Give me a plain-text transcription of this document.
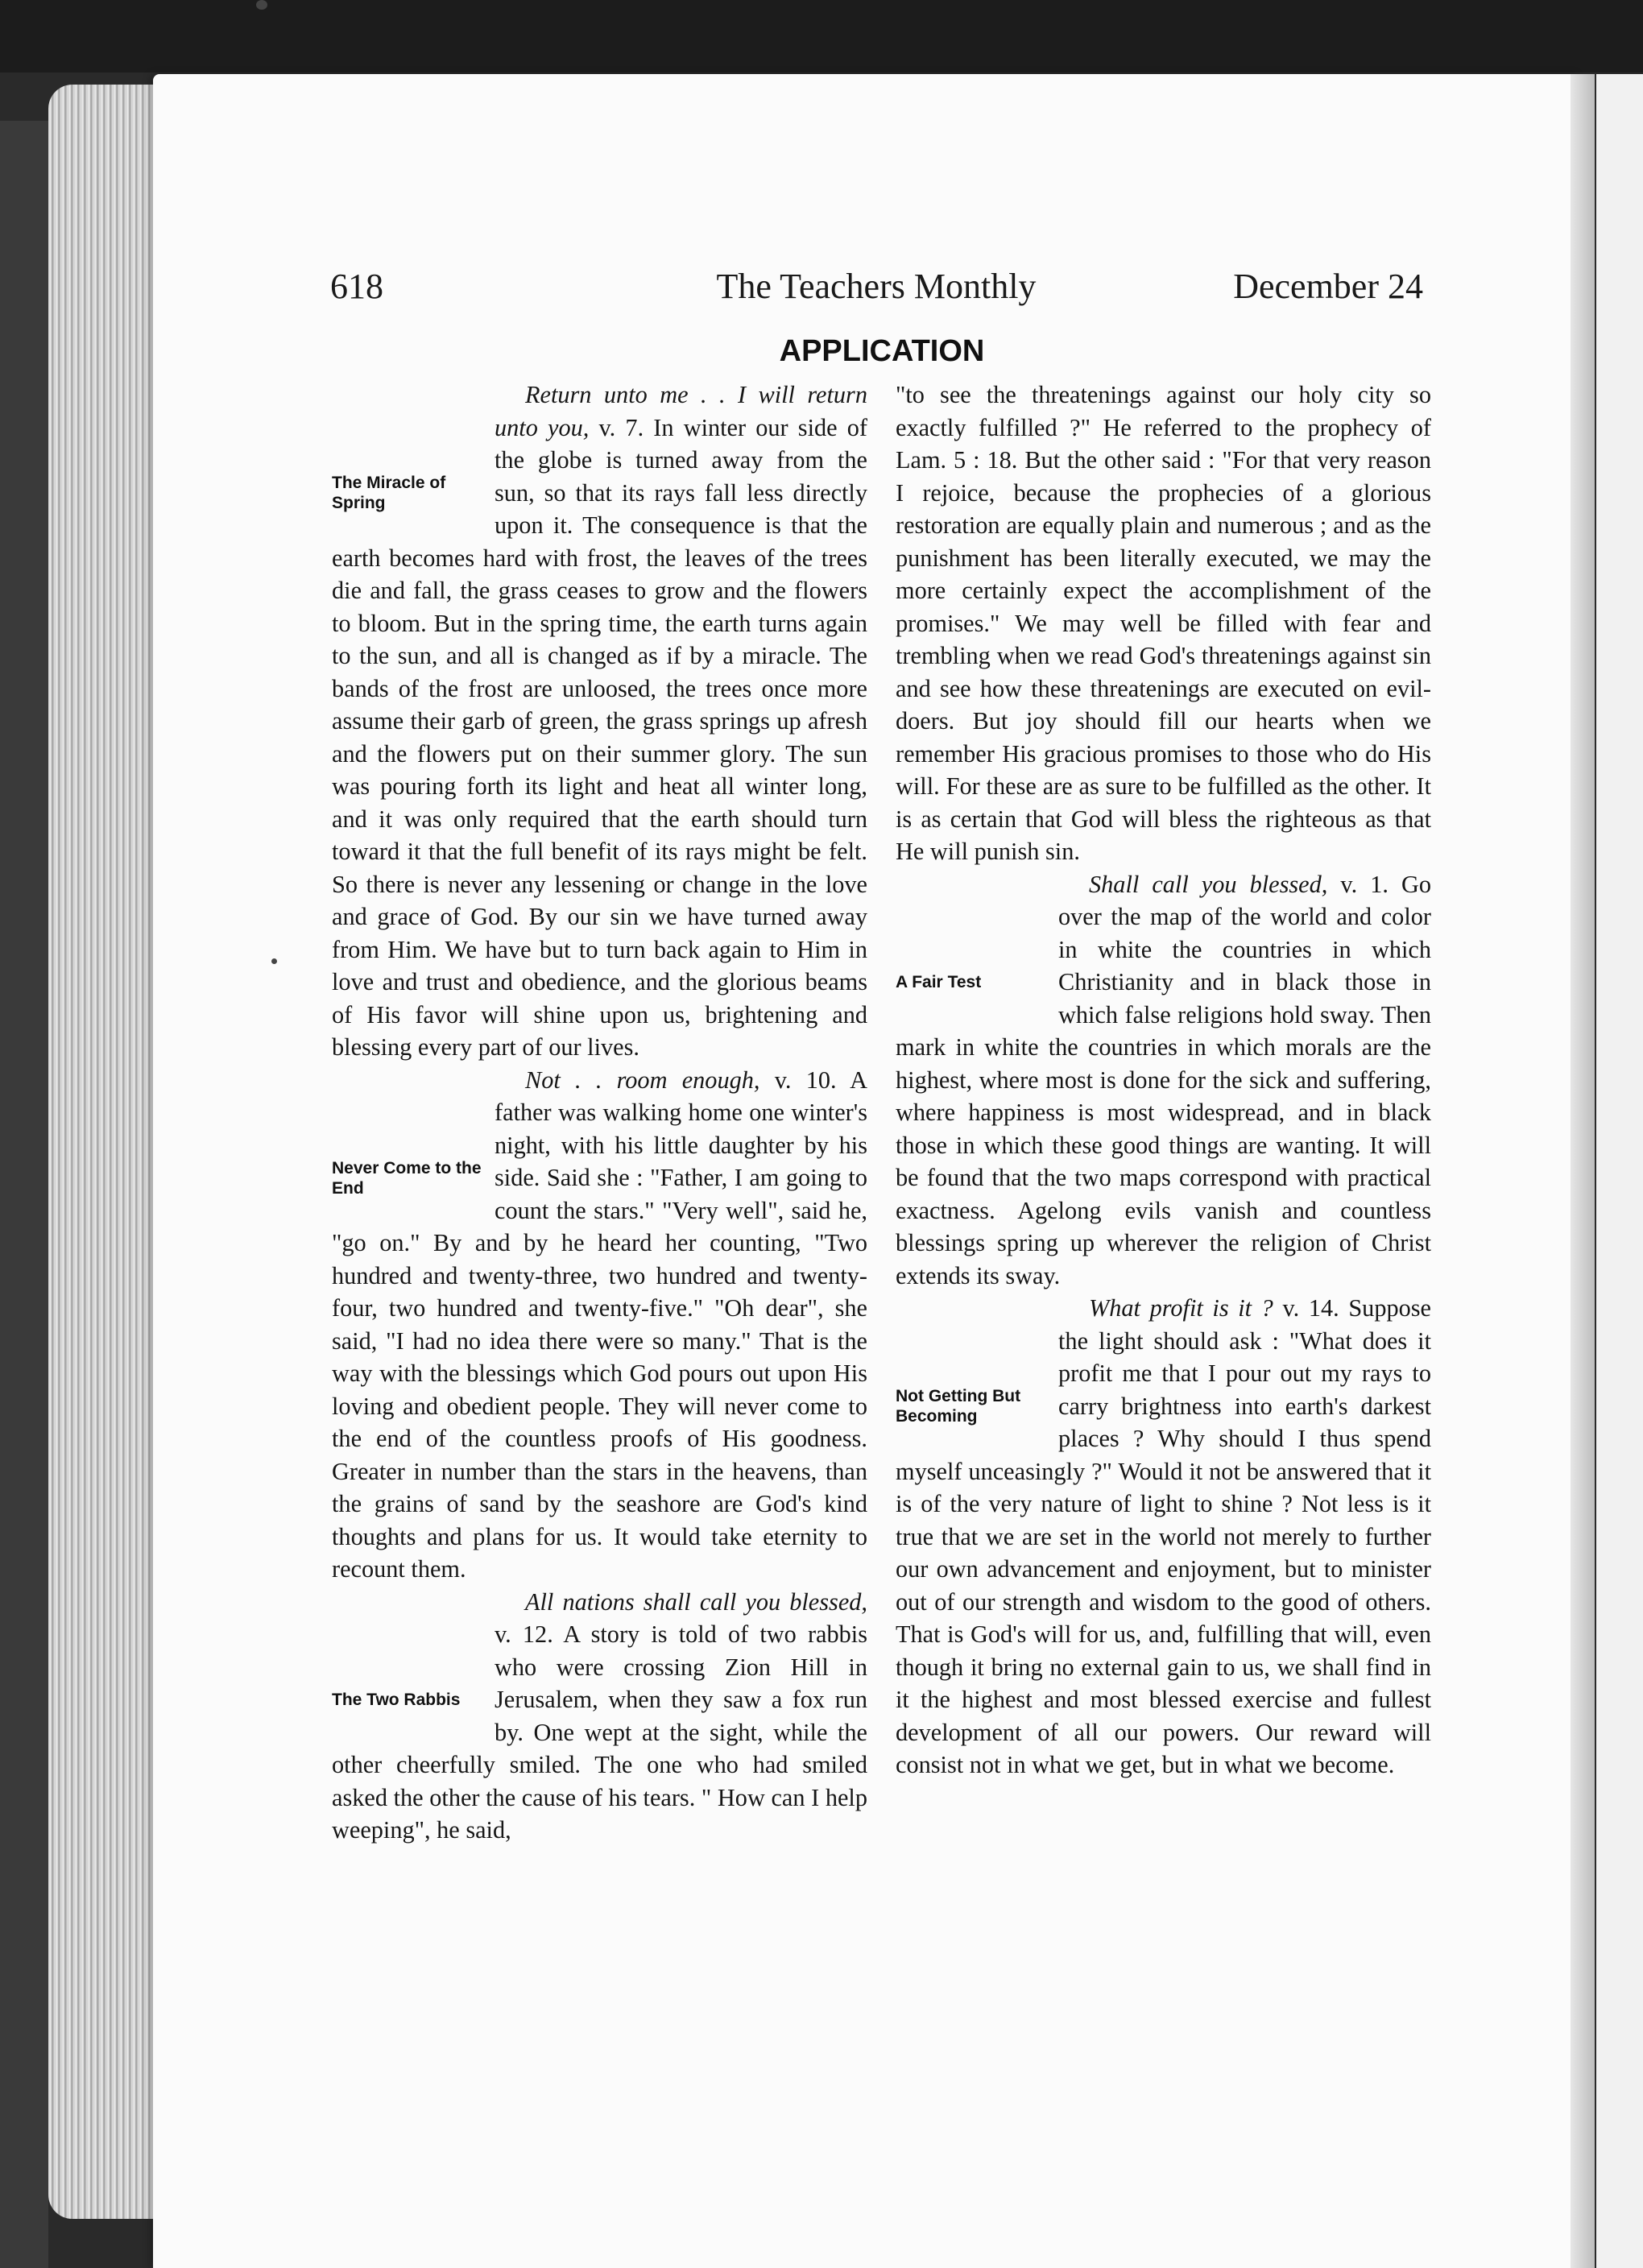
618	The Teachers Monthly	December 24
APPLICATION

The Miracle of Spring
Return unto me . . I will return unto you, v. 7. In winter our side of the globe is turned away from the sun, so that its rays fall less directly upon it. The consequence is that the earth becomes hard with frost, the leaves of the trees die and fall, the grass ceases to grow and the flowers to bloom. But in the spring time, the earth turns again to the sun, and all is changed as if by a miracle. The bands of the frost are unloosed, the trees once more assume their garb of green, the grass springs up afresh and the flowers put on their summer glory. The sun was pouring forth its light and heat all winter long, and it was only required that the earth should turn toward it that the full benefit of its rays might be felt. So there is never any lessening or change in the love and grace of God. By our sin we have turned away from Him. We have but to turn back again to Him in love and trust and obedience, and the glorious beams of His favor will shine upon us, brightening and blessing every part of our lives.

Never Come to the End
Not . . room enough, v. 10. A father was walking home one winter's night, with his little daughter by his side. Said she : "Father, I am going to count the stars." "Very well", said he, "go on." By and by he heard her counting, "Two hundred and twenty-three, two hundred and twenty-four, two hundred and twenty-five." "Oh dear", she said, "I had no idea there were so many." That is the way with the blessings which God pours out upon His loving and obedient people. They will never come to the end of the countless proofs of His goodness. Greater in number than the stars in the heavens, than the grains of sand by the seashore are God's kind thoughts and plans for us. It would take eternity to recount them.

The Two Rabbis
All nations shall call you blessed, v. 12. A story is told of two rabbis who were crossing Zion Hill in Jerusalem, when they saw a fox run by. One wept at the sight, while the other cheerfully smiled. The one who had smiled asked the other the cause of his tears. " How can I help weeping", he said,

"to see the threatenings against our holy city so exactly fulfilled ?" He referred to the prophecy of Lam. 5 : 18. But the other said : "For that very reason I rejoice, because the prophecies of a glorious restoration are equally plain and numerous ; and as the punishment has been literally executed, we may the more certainly expect the accomplishment of the promises." We may well be filled with fear and trembling when we read God's threatenings against sin and see how these threatenings are executed on evil-doers. But joy should fill our hearts when we remember His gracious promises to those who do His will. For these are as sure to be fulfilled as the other. It is as certain that God will bless the righteous as that He will punish sin.

A Fair Test
Shall call you blessed, v. 1. Go over the map of the world and color in white the countries in which Christianity and in black those in which false religions hold sway. Then mark in white the countries in which morals are the highest, where most is done for the sick and suffering, where happiness is most widespread, and in black those in which these good things are wanting. It will be found that the two maps correspond with practical exactness. Agelong evils vanish and countless blessings spring up wherever the religion of Christ extends its sway.

Not Getting But Becoming
What profit is it ? v. 14. Suppose the light should ask : "What does it profit me that I pour out my rays to carry brightness into earth's darkest places ? Why should I thus spend myself unceasingly ?" Would it not be answered that it is of the very nature of light to shine ? Not less is it true that we are set in the world not merely to further our own advancement and enjoyment, but to minister out of our strength and wisdom to the good of others. That is God's will for us, and, fulfilling that will, even though it bring no external gain to us, we shall find in it the highest and most blessed exercise and fullest development of all our powers. Our reward will consist not in what we get, but in what we become.
